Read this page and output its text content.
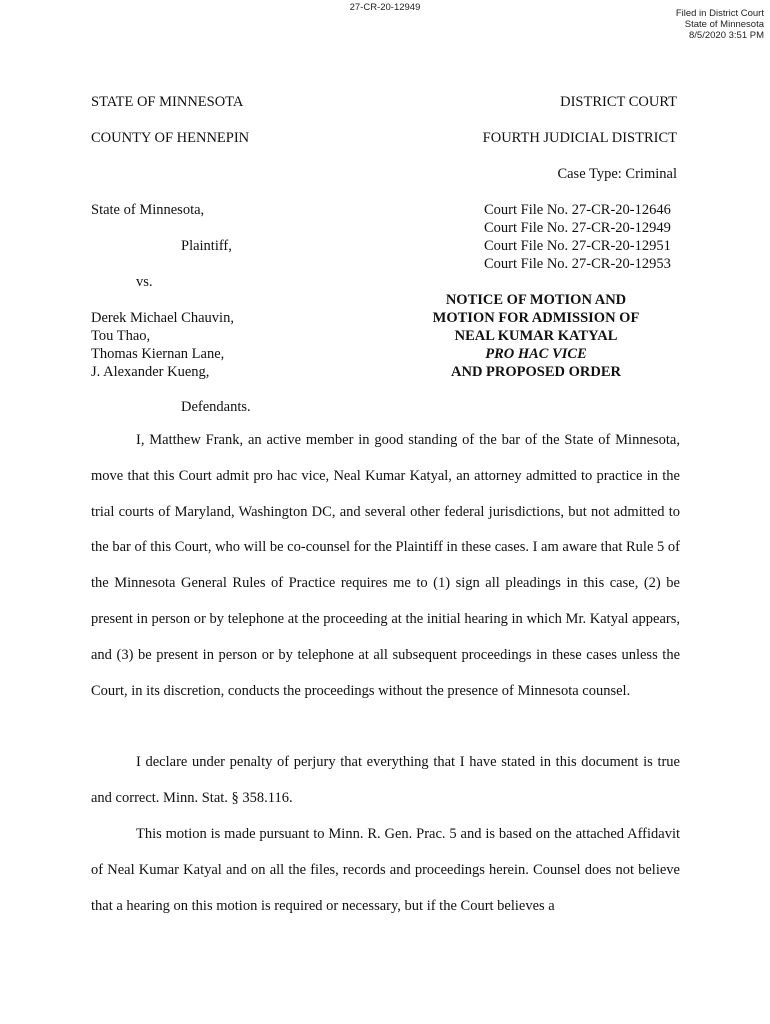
27-CR-20-12949
Filed in District Court
State of Minnesota
8/5/2020 3:51 PM
STATE OF MINNESOTA	DISTRICT COURT
COUNTY OF HENNEPIN	FOURTH JUDICIAL DISTRICT
Case Type: Criminal
State of Minnesota,
Plaintiff,
vs.
Court File No. 27-CR-20-12646
Court File No. 27-CR-20-12949
Court File No. 27-CR-20-12951
Court File No. 27-CR-20-12953
Derek Michael Chauvin,
Tou Thao,
Thomas Kiernan Lane,
J. Alexander Kueng,
NOTICE OF MOTION AND
MOTION FOR ADMISSION OF
NEAL KUMAR KATYAL
PRO HAC VICE
AND PROPOSED ORDER
Defendants.

I, Matthew Frank, an active member in good standing of the bar of the State of Minnesota, move that this Court admit pro hac vice, Neal Kumar Katyal, an attorney admitted to practice in the trial courts of Maryland, Washington DC, and several other federal jurisdictions, but not admitted to the bar of this Court, who will be co-counsel for the Plaintiff in these cases. I am aware that Rule 5 of the Minnesota General Rules of Practice requires me to (1) sign all pleadings in this case, (2) be present in person or by telephone at the proceeding at the initial hearing in which Mr. Katyal appears, and (3) be present in person or by telephone at all subsequent proceedings in these cases unless the Court, in its discretion, conducts the proceedings without the presence of Minnesota counsel.

I declare under penalty of perjury that everything that I have stated in this document is true and correct. Minn. Stat. § 358.116.

This motion is made pursuant to Minn. R. Gen. Prac. 5 and is based on the attached Affidavit of Neal Kumar Katyal and on all the files, records and proceedings herein. Counsel does not believe that a hearing on this motion is required or necessary, but if the Court believes a
